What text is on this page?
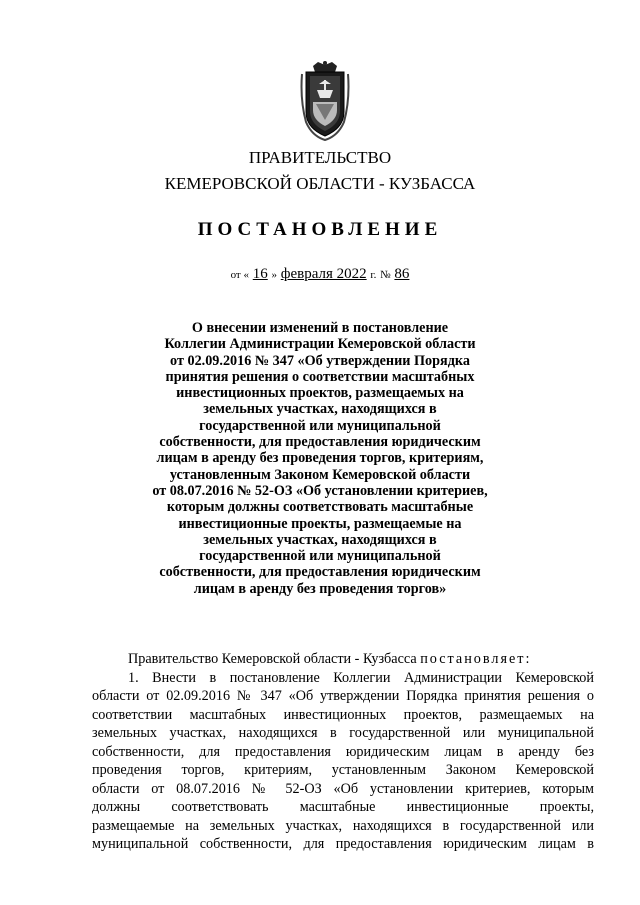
ПРАВИТЕЛЬСТВО
КЕМЕРОВСКОЙ ОБЛАСТИ - КУЗБАССА
ПОСТАНОВЛЕНИЕ
от « 16 » февраля 2022 г. № 86
О внесении изменений в постановление
Коллегии Администрации Кемеровской области
от 02.09.2016 № 347 «Об утверждении Порядка
принятия решения о соответствии масштабных
инвестиционных проектов, размещаемых на
земельных участках, находящихся в
государственной или муниципальной
собственности, для предоставления юридическим
лицам в аренду без проведения торгов, критериям,
установленным Законом Кемеровской области
от 08.07.2016 № 52-ОЗ «Об установлении критериев,
которым должны соответствовать масштабные
инвестиционные проекты, размещаемые на
земельных участках, находящихся в
государственной или муниципальной
собственности, для предоставления юридическим
лицам в аренду без проведения торгов»
Правительство Кемеровской области - Кузбасса постановляет:
1. Внести в постановление Коллегии Администрации Кемеровской
области от 02.09.2016 № 347 «Об утверждении Порядка принятия решения о
соответствии масштабных инвестиционных проектов, размещаемых на
земельных участках, находящихся в государственной или муниципальной
собственности, для предоставления юридическим лицам в аренду без
проведения торгов, критериям, установленным Законом Кемеровской
области от 08.07.2016 № 52-ОЗ «Об установлении критериев, которым
должны соответствовать масштабные инвестиционные проекты,
размещаемые на земельных участках, находящихся в государственной или
муниципальной собственности, для предоставления юридическим лицам в
